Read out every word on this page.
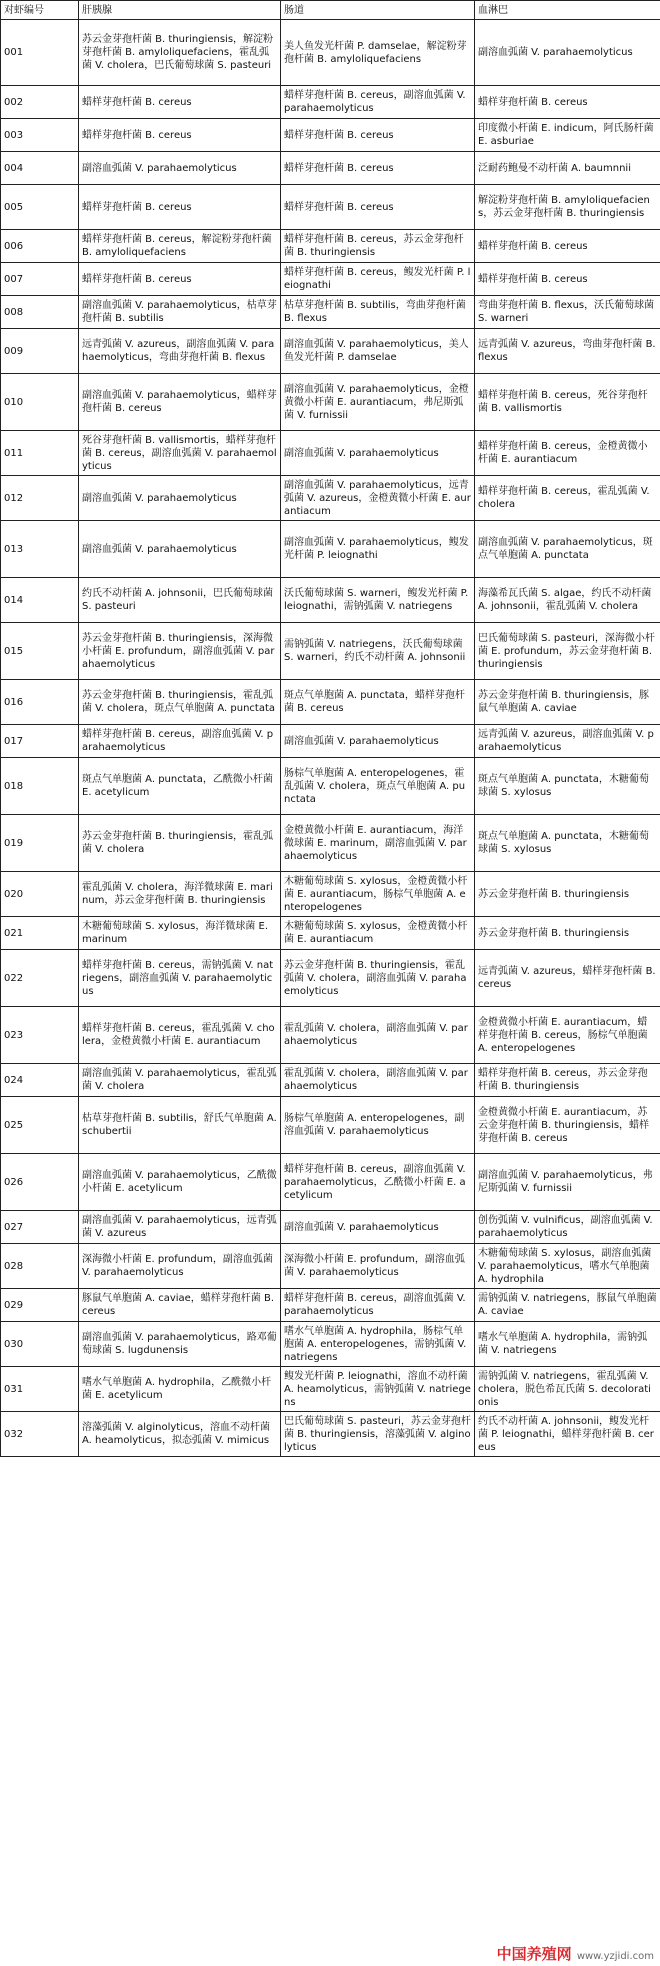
对虾编号	肝胰腺	肠道	血淋巴
001	苏云金芽孢杆菌 B. thuringiensis，解淀粉芽孢杆菌 B. amyloliquefaciens，霍乱弧菌 V. cholera，巴氏葡萄球菌 S. pasteuri	美人鱼发光杆菌 P. damselae，解淀粉芽孢杆菌 B. amyloliquefaciens	副溶血弧菌 V. parahaemolyticus
002	蜡样芽孢杆菌 B. cereus	蜡样芽孢杆菌 B. cereus，副溶血弧菌 V. parahaemolyticus	蜡样芽孢杆菌 B. cereus
003	蜡样芽孢杆菌 B. cereus	蜡样芽孢杆菌 B. cereus	印度微小杆菌 E. indicum，阿氏肠杆菌 E. asburiae
004	副溶血弧菌 V. parahaemolyticus	蜡样芽孢杆菌 B. cereus	泛耐药鲍曼不动杆菌 A. baumnnii
005	蜡样芽孢杆菌 B. cereus	蜡样芽孢杆菌 B. cereus	解淀粉芽孢杆菌 B. amyloliquefaciens，苏云金芽孢杆菌 B. thuringiensis
006	蜡样芽孢杆菌 B. cereus，解淀粉芽孢杆菌 B. amyloliquefaciens	蜡样芽孢杆菌 B. cereus，苏云金芽孢杆菌 B. thuringiensis	蜡样芽孢杆菌 B. cereus
007	蜡样芽孢杆菌 B. cereus	蜡样芽孢杆菌 B. cereus，鳆发光杆菌 P. leiognathi	蜡样芽孢杆菌 B. cereus
008	副溶血弧菌 V. parahaemolyticus，枯草芽孢杆菌 B. subtilis	枯草芽孢杆菌 B. subtilis，弯曲芽孢杆菌 B. flexus	弯曲芽孢杆菌 B. flexus，沃氏葡萄球菌 S. warneri
009	远青弧菌 V. azureus，副溶血弧菌 V. parahaemolyticus，弯曲芽孢杆菌 B. flexus	副溶血弧菌 V. parahaemolyticus，美人鱼发光杆菌 P. damselae	远青弧菌 V. azureus，弯曲芽孢杆菌 B. flexus
010	副溶血弧菌 V. parahaemolyticus，蜡样芽孢杆菌 B. cereus	副溶血弧菌 V. parahaemolyticus，金橙黄微小杆菌 E. aurantiacum，弗尼斯弧菌 V. furnissii	蜡样芽孢杆菌 B. cereus，死谷芽孢杆菌 B. vallismortis
011	死谷芽孢杆菌 B. vallismortis，蜡样芽孢杆菌 B. cereus，副溶血弧菌 V. parahaemolyticus	副溶血弧菌 V. parahaemolyticus	蜡样芽孢杆菌 B. cereus，金橙黄微小杆菌 E. aurantiacum
012	副溶血弧菌 V. parahaemolyticus	副溶血弧菌 V. parahaemolyticus，远青弧菌 V. azureus，金橙黄微小杆菌 E. aurantiacum	蜡样芽孢杆菌 B. cereus，霍乱弧菌 V. cholera
013	副溶血弧菌 V. parahaemolyticus	副溶血弧菌 V. parahaemolyticus，鳆发光杆菌 P. leiognathi	副溶血弧菌 V. parahaemolyticus，斑点气单胞菌 A. punctata
014	约氏不动杆菌 A. johnsonii，巴氏葡萄球菌 S. pasteuri	沃氏葡萄球菌 S. warneri，鳆发光杆菌 P. leiognathi，需钠弧菌 V. natriegens	海藻希瓦氏菌 S. algae，约氏不动杆菌 A. johnsonii，霍乱弧菌 V. cholera
015	苏云金芽孢杆菌 B. thuringiensis，深海微小杆菌 E. profundum，副溶血弧菌 V. parahaemolyticus	需钠弧菌 V. natriegens，沃氏葡萄球菌 S. warneri，约氏不动杆菌 A. johnsonii	巴氏葡萄球菌 S. pasteuri，深海微小杆菌 E. profundum，苏云金芽孢杆菌 B. thuringiensis
016	苏云金芽孢杆菌 B. thuringiensis，霍乱弧菌 V. cholera，斑点气单胞菌 A. punctata	斑点气单胞菌 A. punctata，蜡样芽孢杆菌 B. cereus	苏云金芽孢杆菌 B. thuringiensis，豚鼠气单胞菌 A. caviae
017	蜡样芽孢杆菌 B. cereus，副溶血弧菌 V. parahaemolyticus	副溶血弧菌 V. parahaemolyticus	远青弧菌 V. azureus，副溶血弧菌 V. parahaemolyticus
018	斑点气单胞菌 A. punctata，乙酰微小杆菌 E. acetylicum	肠棕气单胞菌 A. enteropelogenes，霍乱弧菌 V. cholera，斑点气单胞菌 A. punctata	斑点气单胞菌 A. punctata，木糖葡萄球菌 S. xylosus
019	苏云金芽孢杆菌 B. thuringiensis，霍乱弧菌 V. cholera	金橙黄微小杆菌 E. aurantiacum，海洋微球菌 E. marinum，副溶血弧菌 V. parahaemolyticus	斑点气单胞菌 A. punctata，木糖葡萄球菌 S. xylosus
020	霍乱弧菌 V. cholera，海洋微球菌 E. marinum，苏云金芽孢杆菌 B. thuringiensis	木糖葡萄球菌 S. xylosus，金橙黄微小杆菌 E. aurantiacum，肠棕气单胞菌 A. enteropelogenes	苏云金芽孢杆菌 B. thuringiensis
021	木糖葡萄球菌 S. xylosus，海洋微球菌 E. marinum	木糖葡萄球菌 S. xylosus，金橙黄微小杆菌 E. aurantiacum	苏云金芽孢杆菌 B. thuringiensis
022	蜡样芽孢杆菌 B. cereus，需钠弧菌 V. natriegens，副溶血弧菌 V. parahaemolyticus	苏云金芽孢杆菌 B. thuringiensis，霍乱弧菌 V. cholera，副溶血弧菌 V. parahaemolyticus	远青弧菌 V. azureus，蜡样芽孢杆菌 B. cereus
023	蜡样芽孢杆菌 B. cereus，霍乱弧菌 V. cholera，金橙黄微小杆菌 E. aurantiacum	霍乱弧菌 V. cholera，副溶血弧菌 V. parahaemolyticus	金橙黄微小杆菌 E. aurantiacum，蜡样芽孢杆菌 B. cereus，肠棕气单胞菌 A. enteropelogenes
024	副溶血弧菌 V. parahaemolyticus，霍乱弧菌 V. cholera	霍乱弧菌 V. cholera，副溶血弧菌 V. parahaemolyticus	蜡样芽孢杆菌 B. cereus，苏云金芽孢杆菌 B. thuringiensis
025	枯草芽孢杆菌 B. subtilis，舒氏气单胞菌 A. schubertii	肠棕气单胞菌 A. enteropelogenes，副溶血弧菌 V. parahaemolyticus	金橙黄微小杆菌 E. aurantiacum，苏云金芽孢杆菌 B. thuringiensis，蜡样芽孢杆菌 B. cereus
026	副溶血弧菌 V. parahaemolyticus，乙酰微小杆菌 E. acetylicum	蜡样芽孢杆菌 B. cereus，副溶血弧菌 V. parahaemolyticus，乙酰微小杆菌 E. acetylicum	副溶血弧菌 V. parahaemolyticus，弗尼斯弧菌 V. furnissii
027	副溶血弧菌 V. parahaemolyticus，远青弧菌 V. azureus	副溶血弧菌 V. parahaemolyticus	创伤弧菌 V. vulnificus，副溶血弧菌 V. parahaemolyticus
028	深海微小杆菌 E. profundum，副溶血弧菌 V. parahaemolyticus	深海微小杆菌 E. profundum，副溶血弧菌 V. parahaemolyticus	木糖葡萄球菌 S. xylosus，副溶血弧菌 V. parahaemolyticus，嗜水气单胞菌 A. hydrophila
029	豚鼠气单胞菌 A. caviae，蜡样芽孢杆菌 B. cereus	蜡样芽孢杆菌 B. cereus，副溶血弧菌 V. parahaemolyticus	需钠弧菌 V. natriegens，豚鼠气单胞菌 A. caviae
030	副溶血弧菌 V. parahaemolyticus，路邓葡萄球菌 S. lugdunensis	嗜水气单胞菌 A. hydrophila，肠棕气单胞菌 A. enteropelogenes，需钠弧菌 V. natriegens	嗜水气单胞菌 A. hydrophila，需钠弧菌 V. natriegens
031	嗜水气单胞菌 A. hydrophila，乙酰微小杆菌 E. acetylicum	鳆发光杆菌 P. leiognathi，溶血不动杆菌 A. heamolyticus，需钠弧菌 V. natriegens	需钠弧菌 V. natriegens，霍乱弧菌 V. cholera，脱色希瓦氏菌 S. decolorationis
032	溶藻弧菌 V. alginolyticus，溶血不动杆菌 A. heamolyticus，拟态弧菌 V. mimicus	巴氏葡萄球菌 S. pasteuri，苏云金芽孢杆菌 B. thuringiensis，溶藻弧菌 V. alginolyticus	约氏不动杆菌 A. johnsonii，鳆发光杆菌 P. leiognathi，蜡样芽孢杆菌 B. cereus
中国养殖网 www.yzjidi.com
